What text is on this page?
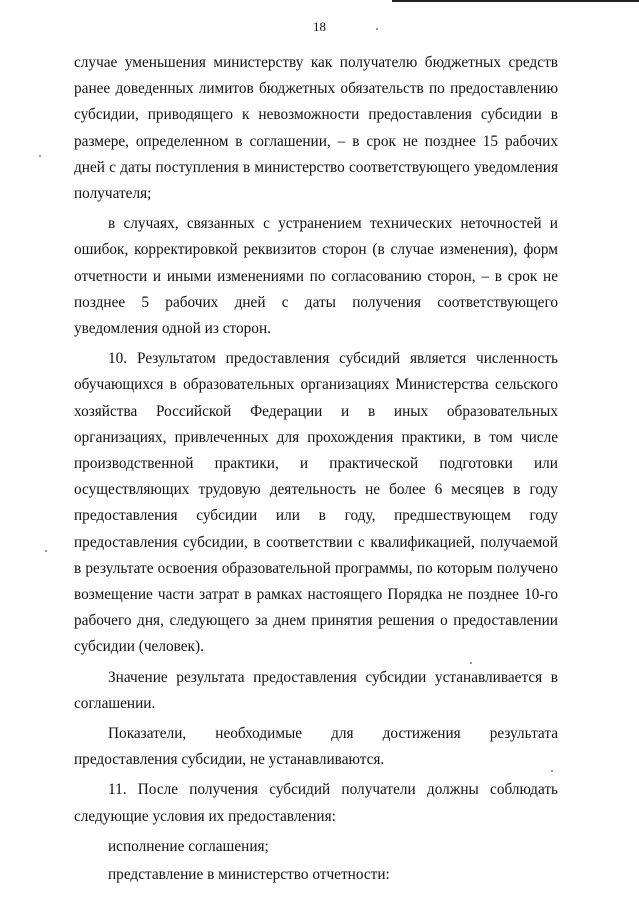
18

случае уменьшения министерству как получателю бюджетных средств ранее доведенных лимитов бюджетных обязательств по предоставлению субсидии, приводящего к невозможности предоставления субсидии в размере, определенном в соглашении, – в срок не позднее 15 рабочих дней с даты поступления в министерство соответствующего уведомления получателя;

в случаях, связанных с устранением технических неточностей и ошибок, корректировкой реквизитов сторон (в случае изменения), форм отчетности и иными изменениями по согласованию сторон, – в срок не позднее 5 рабочих дней с даты получения соответствующего уведомления одной из сторон.

10. Результатом предоставления субсидий является численность обучающихся в образовательных организациях Министерства сельского хозяйства Российской Федерации и в иных образовательных организациях, привлеченных для прохождения практики, в том числе производственной практики, и практической подготовки или осуществляющих трудовую деятельность не более 6 месяцев в году предоставления субсидии или в году, предшествующем году предоставления субсидии, в соответствии с квалификацией, получаемой в результате освоения образовательной программы, по которым получено возмещение части затрат в рамках настоящего Порядка не позднее 10-го рабочего дня, следующего за днем принятия решения о предоставлении субсидии (человек).

Значение результата предоставления субсидии устанавливается в соглашении.

Показатели, необходимые для достижения результата

предоставления субсидии, не устанавливаются.

11. После получения субсидий получатели должны соблюдать следующие условия их предоставления:

исполнение соглашения;

представление в министерство отчетности:
